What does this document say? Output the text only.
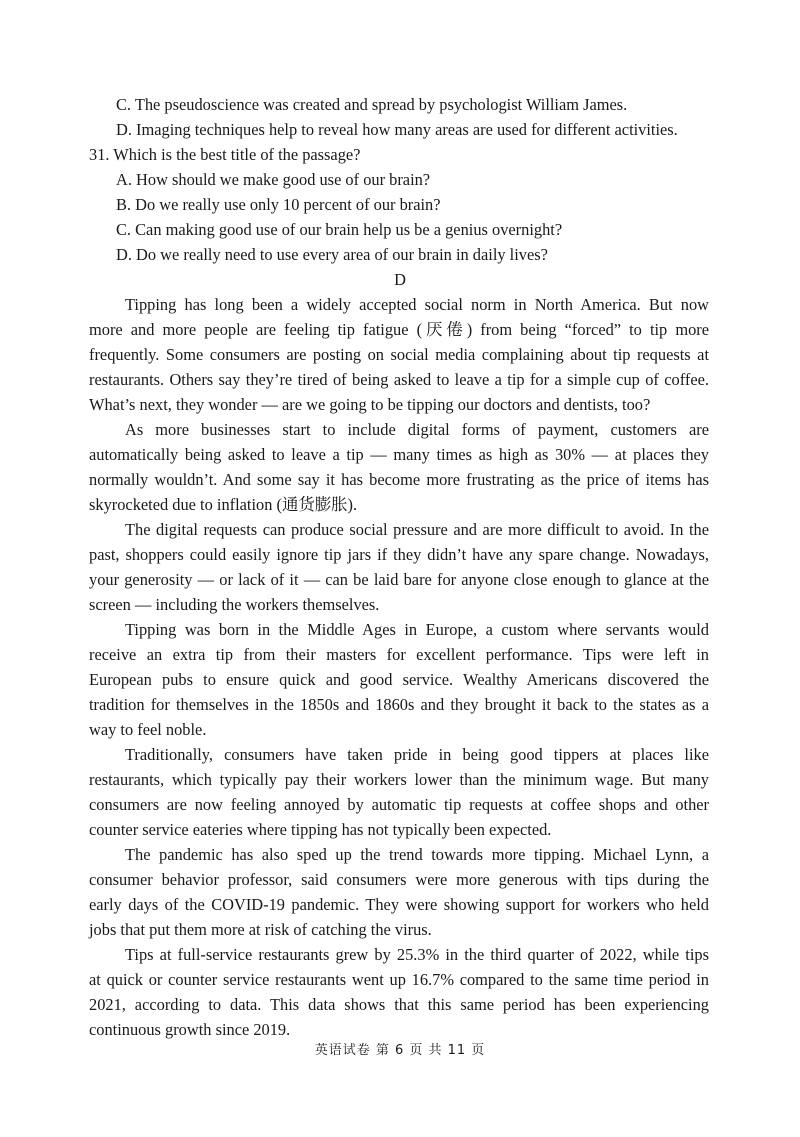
C. The pseudoscience was created and spread by psychologist William James.
D. Imaging techniques help to reveal how many areas are used for different activities.
31. Which is the best title of the passage?
A. How should we make good use of our brain?
B. Do we really use only 10 percent of our brain?
C. Can making good use of our brain help us be a genius overnight?
D. Do we really need to use every area of our brain in daily lives?
D
Tipping has long been a widely accepted social norm in North America. But now
more and more people are feeling tip fatigue (厌倦) from being “forced” to tip more
frequently. Some consumers are posting on social media complaining about tip requests at
restaurants. Others say they’re tired of being asked to leave a tip for a simple cup of coffee.
What’s next, they wonder — are we going to be tipping our doctors and dentists, too?
As more businesses start to include digital forms of payment, customers are
automatically being asked to leave a tip — many times as high as 30% — at places they
normally wouldn’t. And some say it has become more frustrating as the price of items has
skyrocketed due to inflation (通货膨胀).
The digital requests can produce social pressure and are more difficult to avoid. In the
past, shoppers could easily ignore tip jars if they didn’t have any spare change. Nowadays,
your generosity — or lack of it — can be laid bare for anyone close enough to glance at the
screen — including the workers themselves.
Tipping was born in the Middle Ages in Europe, a custom where servants would
receive an extra tip from their masters for excellent performance. Tips were left in
European pubs to ensure quick and good service. Wealthy Americans discovered the
tradition for themselves in the 1850s and 1860s and they brought it back to the states as a
way to feel noble.
Traditionally, consumers have taken pride in being good tippers at places like
restaurants, which typically pay their workers lower than the minimum wage. But many
consumers are now feeling annoyed by automatic tip requests at coffee shops and other
counter service eateries where tipping has not typically been expected.
The pandemic has also sped up the trend towards more tipping. Michael Lynn, a
consumer behavior professor, said consumers were more generous with tips during the
early days of the COVID-19 pandemic. They were showing support for workers who held
jobs that put them more at risk of catching the virus.
Tips at full-service restaurants grew by 25.3% in the third quarter of 2022, while tips
at quick or counter service restaurants went up 16.7% compared to the same time period in
2021, according to data. This data shows that this same period has been experiencing
continuous growth since 2019.
英语试卷 第 6 页 共 11 页
